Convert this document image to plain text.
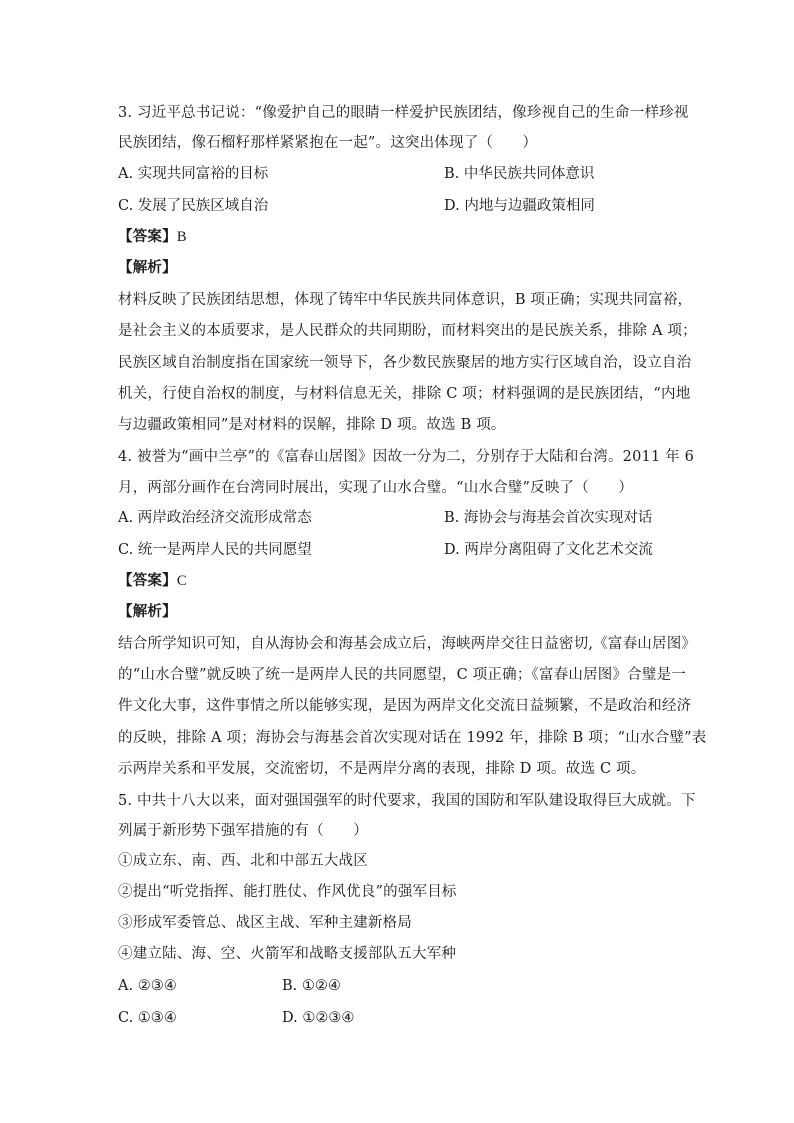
3. 习近平总书记说：“像爱护自己的眼睛一样爱护民族团结，像珍视自己的生命一样珍视
民族团结，像石榴籽那样紧紧抱在一起”。这突出体现了（　　）
A. 实现共同富裕的目标	B. 中华民族共同体意识
C. 发展了民族区域自治	D. 内地与边疆政策相同
【答案】B
【解析】
材料反映了民族团结思想，体现了铸牢中华民族共同体意识，B 项正确；实现共同富裕，
是社会主义的本质要求，是人民群众的共同期盼，而材料突出的是民族关系，排除 A 项；
民族区域自治制度指在国家统一领导下，各少数民族聚居的地方实行区域自治，设立自治
机关，行使自治权的制度，与材料信息无关，排除 C 项；材料强调的是民族团结，“内地
与边疆政策相同”是对材料的误解，排除 D 项。故选 B 项。
4. 被誉为“画中兰亭”的《富春山居图》因故一分为二，分别存于大陆和台湾。2011 年 6
月，两部分画作在台湾同时展出，实现了山水合璧。“山水合璧”反映了（　　）
A. 两岸政治经济交流形成常态	B. 海协会与海基会首次实现对话
C. 统一是两岸人民的共同愿望	D. 两岸分离阻碍了文化艺术交流
【答案】C
【解析】
结合所学知识可知，自从海协会和海基会成立后，海峡两岸交往日益密切,《富春山居图》
的“山水合璧”就反映了统一是两岸人民的共同愿望，C 项正确；《富春山居图》合璧是一
件文化大事，这件事情之所以能够实现，是因为两岸文化交流日益频繁，不是政治和经济
的反映，排除 A 项；海协会与海基会首次实现对话在 1992 年，排除 B 项；“山水合璧”表
示两岸关系和平发展，交流密切，不是两岸分离的表现，排除 D 项。故选 C 项。
5. 中共十八大以来，面对强国强军的时代要求，我国的国防和军队建设取得巨大成就。下
列属于新形势下强军措施的有（　　）
①成立东、南、西、北和中部五大战区
②提出“听党指挥、能打胜仗、作风优良”的强军目标
③形成军委管总、战区主战、军种主建新格局
④建立陆、海、空、火箭军和战略支援部队五大军种
A. ②③④	B. ①②④
C. ①③④	D. ①②③④
